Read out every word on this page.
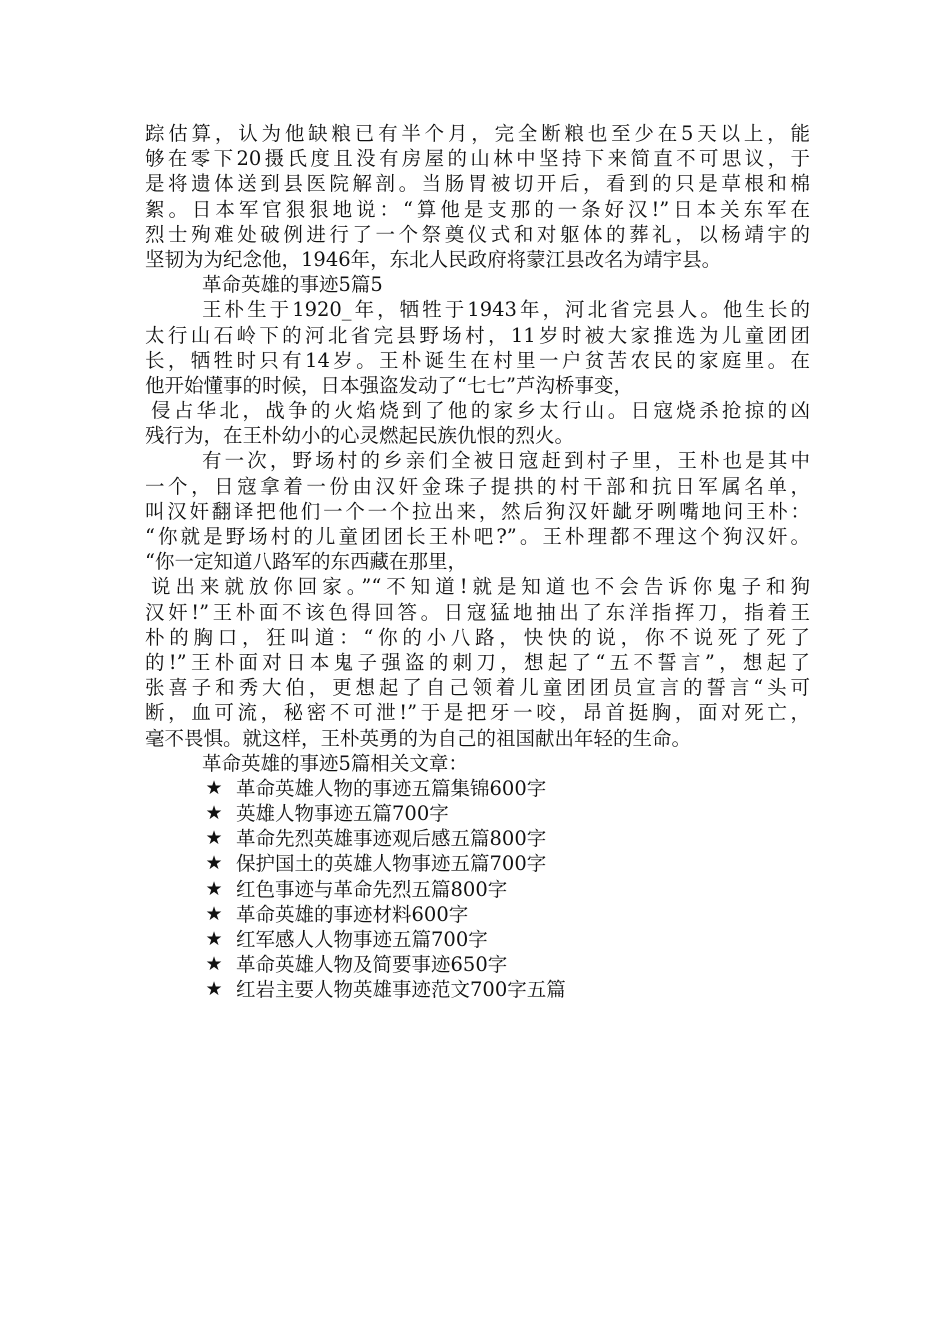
踪估算，认为他缺粮已有半个月，完全断粮也至少在5天以上，能
够在零下20摄氏度且没有房屋的山林中坚持下来简直不可思议，于
是将遗体送到县医院解剖。当肠胃被切开后，看到的只是草根和棉
絮。日本军官狠狠地说：“算他是支那的一条好汉!”日本关东军在
烈士殉难处破例进行了一个祭奠仪式和对躯体的葬礼，以杨靖宇的
坚韧为为纪念他，1946年，东北人民政府将蒙江县改名为靖宇县。
革命英雄的事迹5篇5
王朴生于1920_年，牺牲于1943年，河北省完县人。他生长的
太行山石岭下的河北省完县野场村，11岁时被大家推选为儿童团团
长，牺牲时只有14岁。王朴诞生在村里一户贫苦农民的家庭里。在
他开始懂事的时候，日本强盗发动了“七七”芦沟桥事变，
侵占华北，战争的火焰烧到了他的家乡太行山。日寇烧杀抢掠的凶
残行为，在王朴幼小的心灵燃起民族仇恨的烈火。
有一次，野场村的乡亲们全被日寇赶到村子里，王朴也是其中
一个，日寇拿着一份由汉奸金珠子提拱的村干部和抗日军属名单，
叫汉奸翻译把他们一个一个拉出来，然后狗汉奸龇牙咧嘴地问王朴：
“你就是野场村的儿童团团长王朴吧?”。王朴理都不理这个狗汉奸。
“你一定知道八路军的东西藏在那里，
说出来就放你回家。”“不知道!就是知道也不会告诉你鬼子和狗
汉奸!”王朴面不该色得回答。日寇猛地抽出了东洋指挥刀，指着王
朴的胸口，狂叫道：“你的小八路，快快的说，你不说死了死了
的!”王朴面对日本鬼子强盗的刺刀，想起了“五不誓言”，想起了
张喜子和秀大伯，更想起了自己领着儿童团团员宣言的誓言“头可
断，血可流，秘密不可泄!”于是把牙一咬，昂首挺胸，面对死亡，
毫不畏惧。就这样，王朴英勇的为自己的祖国献出年轻的生命。
革命英雄的事迹5篇相关文章：
★ 革命英雄人物的事迹五篇集锦600字
★ 英雄人物事迹五篇700字
★ 革命先烈英雄事迹观后感五篇800字
★ 保护国土的英雄人物事迹五篇700字
★ 红色事迹与革命先烈五篇800字
★ 革命英雄的事迹材料600字
★ 红军感人人物事迹五篇700字
★ 革命英雄人物及简要事迹650字
★ 红岩主要人物英雄事迹范文700字五篇
